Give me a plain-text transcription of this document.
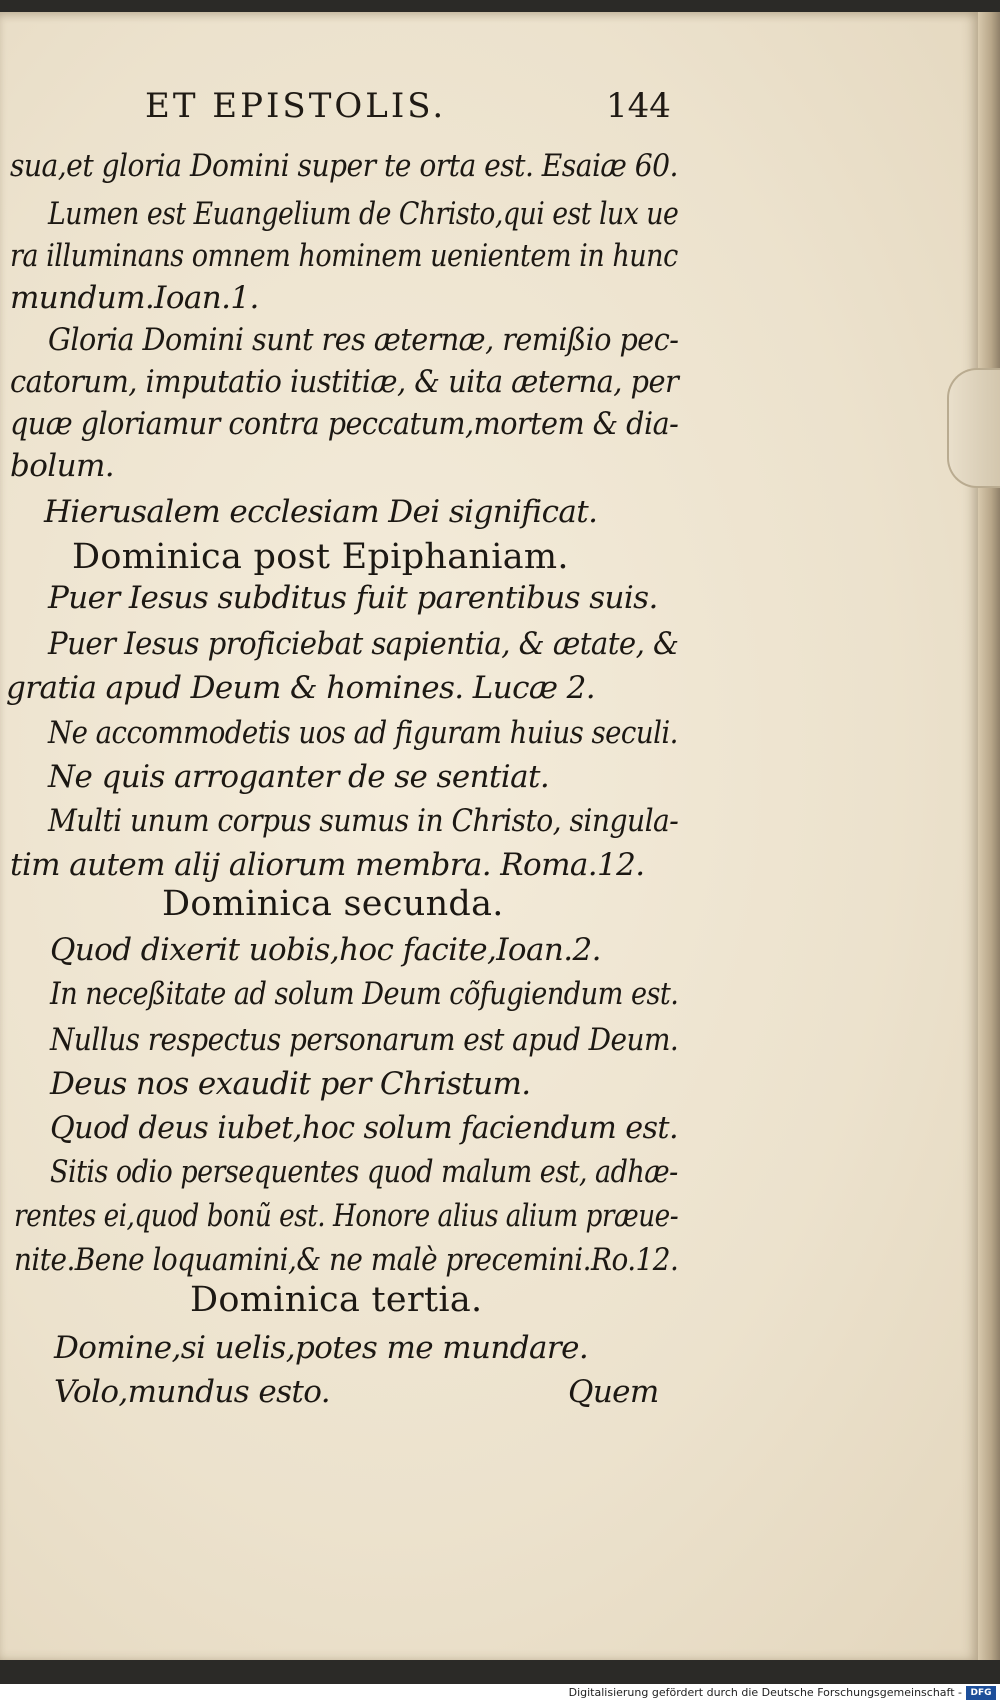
ET EPISTOLIS.	144
sua,et gloria Domini super te orta est. Esaiæ 60.
Lumen est Euangelium de Christo,qui est lux ue
ra illuminans omnem hominem uenientem in hunc
mundum.Ioan.1.
Gloria Domini sunt res æternæ, remißio pec-
catorum, imputatio iustitiæ, & uita æterna, per
quæ gloriamur contra peccatum,mortem & dia-
bolum.
Hierusalem ecclesiam Dei significat.
Dominica post Epiphaniam.
Puer Iesus subditus fuit parentibus suis.
Puer Iesus proficiebat sapientia, & ætate, &
gratia apud Deum & homines. Lucæ 2.
Ne accommodetis uos ad figuram huius seculi.
Ne quis arroganter de se sentiat.
Multi unum corpus sumus in Christo, singula-
tim autem alij aliorum membra. Roma.12.
Dominica secunda.
Quod dixerit uobis,hoc facite,Ioan.2.
In neceßitate ad solum Deum cõfugiendum est.
Nullus respectus personarum est apud Deum.
Deus nos exaudit per Christum.
Quod deus iubet,hoc solum faciendum est.
Sitis odio persequentes quod malum est, adhæ-
rentes ei,quod bonũ est. Honore alius alium præue-
nite.Bene loquamini,& ne malè precemini.Ro.12.
Dominica tertia.
Domine,si uelis,potes me mundare.
Volo,mundus esto.	Quem
Digitalisierung gefördert durch die Deutsche Forschungsgemeinschaft - DFG
